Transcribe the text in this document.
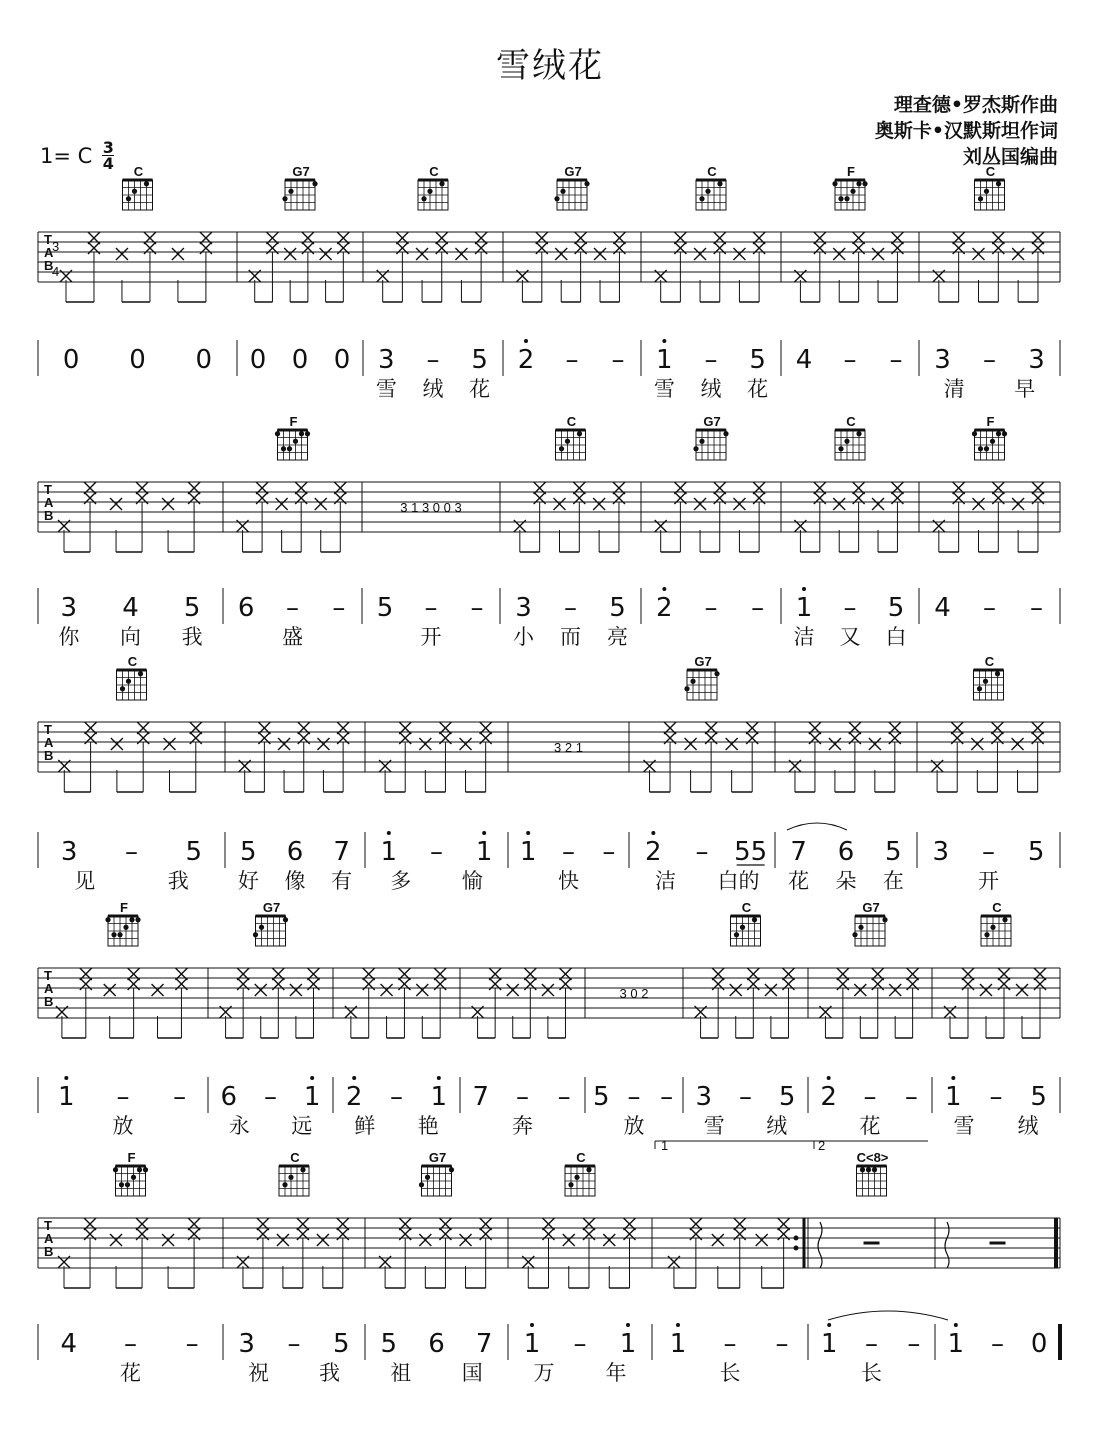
雪绒花
理查德•罗杰斯作曲
奥斯卡•汉默斯坦作词
刘丛国编曲
1= C $\frac{3}{4}$
T
A
B
3
4
C
0 0 0
G7
0 0 0
C
3 – 5
雪 绒 花
G7
2 – –
C
1 – 5
雪 绒 花
F
4 – –
C
3 – 3
清 早
T
A
B
3 4 5
你 向 我
F
6 – –
盛
3 1 3 0 0 3
5 – –
开
C
3 – 5
小 而 亮
G7
2 – –
C
1 – 5
洁 又 白
F
4 – –
T
A
B
C
3 – 5
见	我
5 6 7
好 像 有
1 – 1
多 愉
3 2 1
1 – –
快
G7
2 – 55
洁 白的
7 6 5
花 朵 在
C
3 – 5
开
T
A
B
F
1 – –
放
G7
6 – 1
永 远
2 – 1
鲜 艳
7 – –
奔
3 0 2
5 – –
放
C
3 – 5
雪 绒
G7
2 – –
花
C
1 – 5
雪 绒
1	2
T
A
B
F
4 – –
花
C
3 – 5
祝 我
G7
5 6 7
祖 国
C
1 – 1
万 年
1 – –
长
C<8>
1 – –
长
1 – 0
